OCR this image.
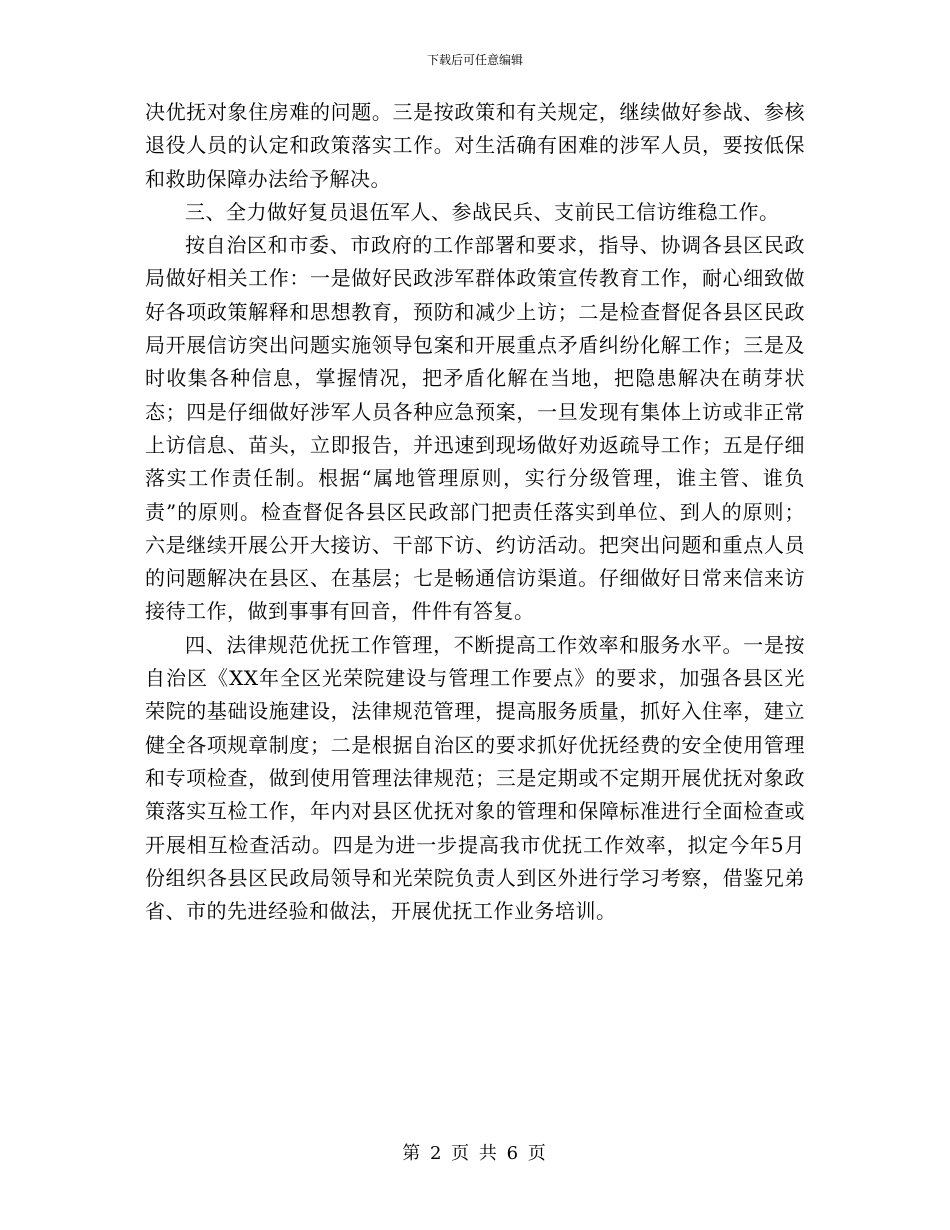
下载后可任意编辑

决优抚对象住房难的问题。三是按政策和有关规定，继续做好参战、参核退役人员的认定和政策落实工作。对生活确有困难的涉军人员，要按低保和救助保障办法给予解决。

三、全力做好复员退伍军人、参战民兵、支前民工信访维稳工作。

按自治区和市委、市政府的工作部署和要求，指导、协调各县区民政局做好相关工作：一是做好民政涉军群体政策宣传教育工作，耐心细致做好各项政策解释和思想教育，预防和减少上访；二是检查督促各县区民政局开展信访突出问题实施领导包案和开展重点矛盾纠纷化解工作；三是及时收集各种信息，掌握情况，把矛盾化解在当地，把隐患解决在萌芽状态；四是仔细做好涉军人员各种应急预案，一旦发现有集体上访或非正常上访信息、苗头，立即报告，并迅速到现场做好劝返疏导工作；五是仔细落实工作责任制。根据“属地管理原则，实行分级管理，谁主管、谁负责”的原则。检查督促各县区民政部门把责任落实到单位、到人的原则；六是继续开展公开大接访、干部下访、约访活动。把突出问题和重点人员的问题解决在县区、在基层；七是畅通信访渠道。仔细做好日常来信来访接待工作，做到事事有回音，件件有答复。

四、法律规范优抚工作管理，不断提高工作效率和服务水平。一是按自治区《XX年全区光荣院建设与管理工作要点》的要求，加强各县区光荣院的基础设施建设，法律规范管理，提高服务质量，抓好入住率，建立健全各项规章制度；二是根据自治区的要求抓好优抚经费的安全使用管理和专项检查，做到使用管理法律规范；三是定期或不定期开展优抚对象政策落实互检工作，年内对县区优抚对象的管理和保障标准进行全面检查或开展相互检查活动。四是为进一步提高我市优抚工作效率，拟定今年5月份组织各县区民政局领导和光荣院负责人到区外进行学习考察，借鉴兄弟省、市的先进经验和做法，开展优抚工作业务培训。

第 2 页 共 6 页
